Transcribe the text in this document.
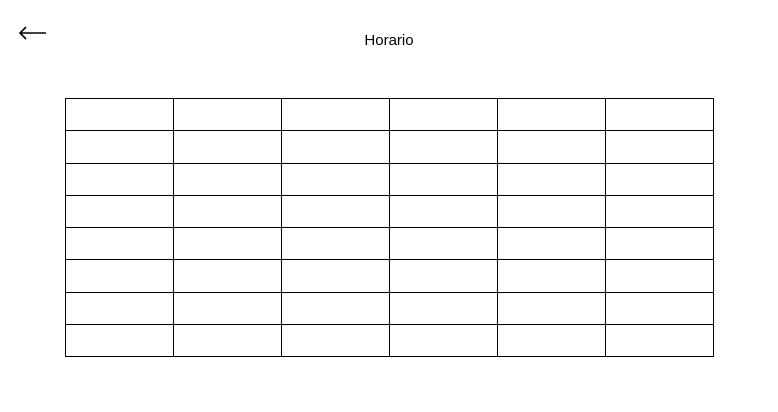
Horario
